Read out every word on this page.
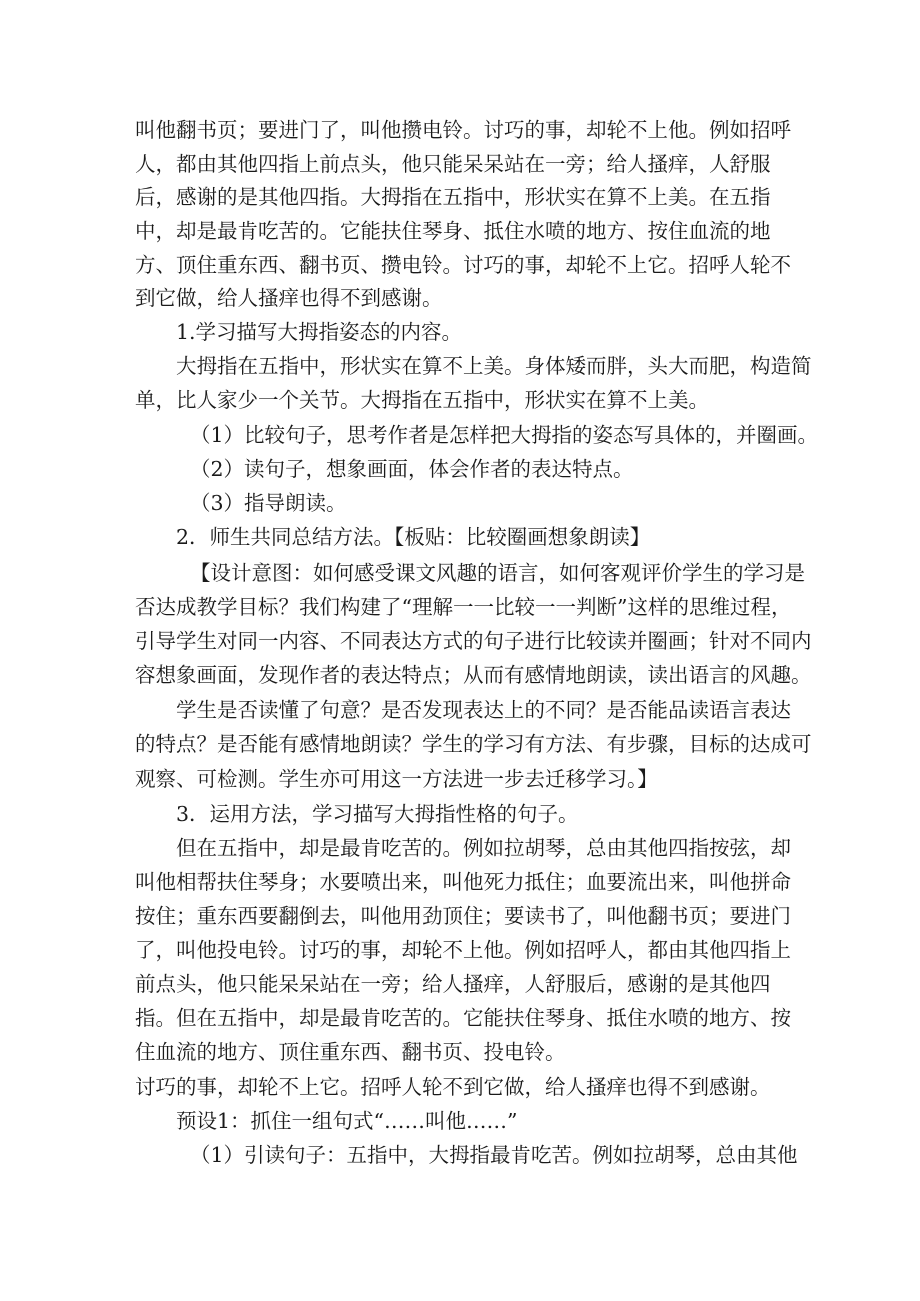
叫他翻书页；要进门了，叫他攒电铃。讨巧的事，却轮不上他。例如招呼
人，都由其他四指上前点头，他只能呆呆站在一旁；给人搔痒，人舒服
后，感谢的是其他四指。大拇指在五指中，形状实在算不上美。在五指
中，却是最肯吃苦的。它能扶住琴身、抵住水喷的地方、按住血流的地
方、顶住重东西、翻书页、攒电铃。讨巧的事，却轮不上它。招呼人轮不
到它做，给人搔痒也得不到感谢。
1.学习描写大拇指姿态的内容。
大拇指在五指中，形状实在算不上美。身体矮而胖，头大而肥，构造简
单，比人家少一个关节。大拇指在五指中，形状实在算不上美。
（1）比较句子，思考作者是怎样把大拇指的姿态写具体的，并圈画。
（2）读句子，想象画面，体会作者的表达特点。
（3）指导朗读。
2．师生共同总结方法。【板贴：比较圈画想象朗读】
【设计意图：如何感受课文风趣的语言，如何客观评价学生的学习是
否达成教学目标？我们构建了“理解一一比较一一判断”这样的思维过程，
引导学生对同一内容、不同表达方式的句子进行比较读并圈画；针对不同内
容想象画面，发现作者的表达特点；从而有感情地朗读，读出语言的风趣。
学生是否读懂了句意？是否发现表达上的不同？是否能品读语言表达
的特点？是否能有感情地朗读？学生的学习有方法、有步骤，目标的达成可
观察、可检测。学生亦可用这一方法进一步去迁移学习。】
3．运用方法，学习描写大拇指性格的句子。
但在五指中，却是最肯吃苦的。例如拉胡琴，总由其他四指按弦，却
叫他相帮扶住琴身；水要喷出来，叫他死力抵住；血要流出来，叫他拼命
按住；重东西要翻倒去，叫他用劲顶住；要读书了，叫他翻书页；要进门
了，叫他投电铃。讨巧的事，却轮不上他。例如招呼人，都由其他四指上
前点头，他只能呆呆站在一旁；给人搔痒，人舒服后，感谢的是其他四
指。但在五指中，却是最肯吃苦的。它能扶住琴身、抵住水喷的地方、按
住血流的地方、顶住重东西、翻书页、投电铃。
讨巧的事，却轮不上它。招呼人轮不到它做，给人搔痒也得不到感谢。
预设1：抓住一组句式“……叫他……”
（1）引读句子：五指中，大拇指最肯吃苦。例如拉胡琴，总由其他
